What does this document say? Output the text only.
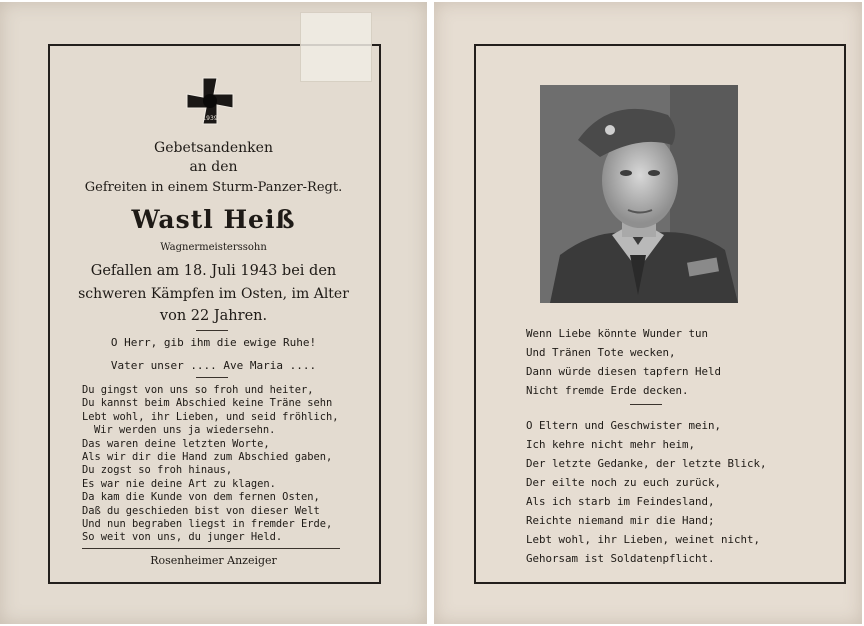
1939
Gebetsandenken
an den
Gefreiten in einem Sturm-Panzer-Regt.
Wastl Heiß
Wagnermeisterssohn
Gefallen am 18. Juli 1943 bei den
schweren Kämpfen im Osten, im Alter
von 22 Jahren.
O Herr, gib ihm die ewige Ruhe!
Vater unser .... Ave Maria ....
Du gingst von uns so froh und heiter,
Du kannst beim Abschied keine Träne sehn
Lebt wohl, ihr Lieben, und seid fröhlich,
Wir werden uns ja wiedersehn.
Das waren deine letzten Worte,
Als wir dir die Hand zum Abschied gaben,
Du zogst so froh hinaus,
Es war nie deine Art zu klagen.
Da kam die Kunde von dem fernen Osten,
Daß du geschieden bist von dieser Welt
Und nun begraben liegst in fremder Erde,
So weit von uns, du junger Held.
Rosenheimer Anzeiger
Wenn Liebe könnte Wunder tun
Und Tränen Tote wecken,
Dann würde diesen tapfern Held
Nicht fremde Erde decken.
O Eltern und Geschwister mein,
Ich kehre nicht mehr heim,
Der letzte Gedanke, der letzte Blick,
Der eilte noch zu euch zurück,
Als ich starb im Feindesland,
Reichte niemand mir die Hand;
Lebt wohl, ihr Lieben, weinet nicht,
Gehorsam ist Soldatenpflicht.
